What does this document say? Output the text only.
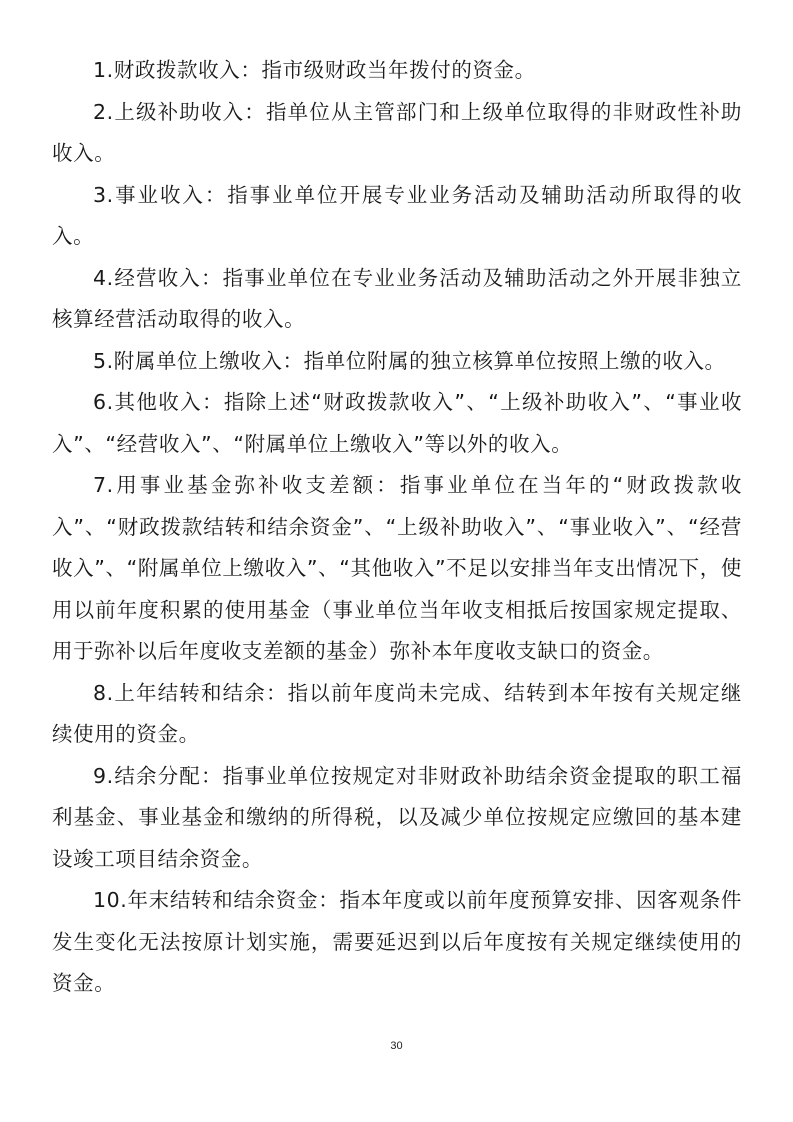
1.财政拨款收入：指市级财政当年拨付的资金。

2.上级补助收入：指单位从主管部门和上级单位取得的非财政性补助收入。

3.事业收入：指事业单位开展专业业务活动及辅助活动所取得的收入。

4.经营收入：指事业单位在专业业务活动及辅助活动之外开展非独立核算经营活动取得的收入。

5.附属单位上缴收入：指单位附属的独立核算单位按照上缴的收入。

6.其他收入：指除上述“财政拨款收入”、“上级补助收入”、“事业收入”、“经营收入”、“附属单位上缴收入”等以外的收入。

7.用事业基金弥补收支差额：指事业单位在当年的“财政拨款收入”、“财政拨款结转和结余资金”、“上级补助收入”、“事业收入”、“经营收入”、“附属单位上缴收入”、“其他收入”不足以安排当年支出情况下，使用以前年度积累的使用基金（事业单位当年收支相抵后按国家规定提取、用于弥补以后年度收支差额的基金）弥补本年度收支缺口的资金。

8.上年结转和结余：指以前年度尚未完成、结转到本年按有关规定继续使用的资金。

9.结余分配：指事业单位按规定对非财政补助结余资金提取的职工福利基金、事业基金和缴纳的所得税，以及减少单位按规定应缴回的基本建设竣工项目结余资金。

10.年末结转和结余资金：指本年度或以前年度预算安排、因客观条件发生变化无法按原计划实施，需要延迟到以后年度按有关规定继续使用的资金。

30
